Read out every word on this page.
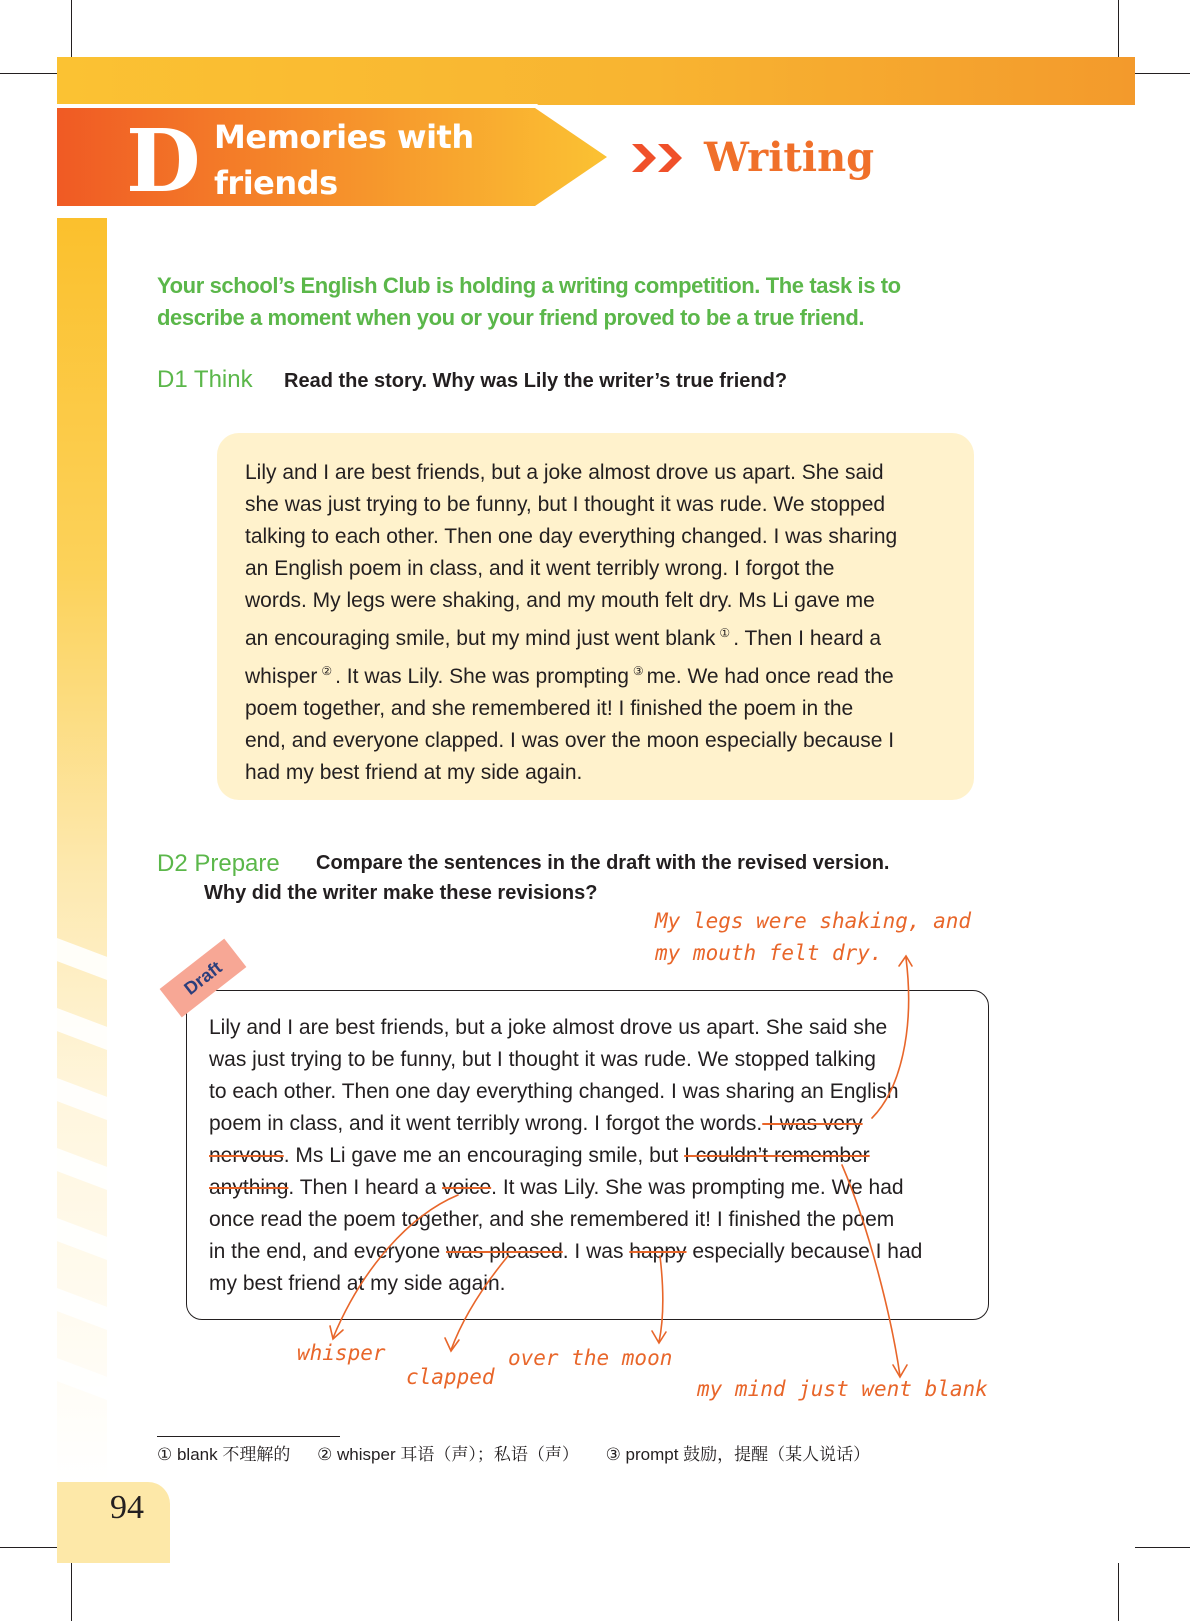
D Memories with
friends
Writing
Your school’s English Club is holding a writing competition. The task is to
describe a moment when you or your friend proved to be a true friend.
D1 Think Read the story. Why was Lily the writer’s true friend?
Lily and I are best friends, but a joke almost drove us apart. She said
she was just trying to be funny, but I thought it was rude. We stopped
talking to each other. Then one day everything changed. I was sharing
an English poem in class, and it went terribly wrong. I forgot the
words. My legs were shaking, and my mouth felt dry. Ms Li gave me
an encouraging smile, but my mind just went blank ① . Then I heard a
whisper ② . It was Lily. She was prompting ③ me. We had once read the
poem together, and she remembered it! I finished the poem in the
end, and everyone clapped. I was over the moon especially because I
had my best friend at my side again.
D2 Prepare Compare the sentences in the draft with the revised version.
Why did the writer make these revisions?
My legs were shaking, and
my mouth felt dry.
Draft
Lily and I are best friends, but a joke almost drove us apart. She said she
was just trying to be funny, but I thought it was rude. We stopped talking
to each other. Then one day everything changed. I was sharing an English
poem in class, and it went terribly wrong. I forgot the words. I was very
nervous. Ms Li gave me an encouraging smile, but I couldn’t remember
anything. Then I heard a voice. It was Lily. She was prompting me. We had
once read the poem together, and she remembered it! I finished the poem
in the end, and everyone was pleased. I was happy especially because I had
my best friend at my side again.
whisper
clapped
over the moon
my mind just went blank
① blank 不理解的 ② whisper 耳语（声）；私语（声） ③ prompt 鼓励，提醒（某人说话）
94
